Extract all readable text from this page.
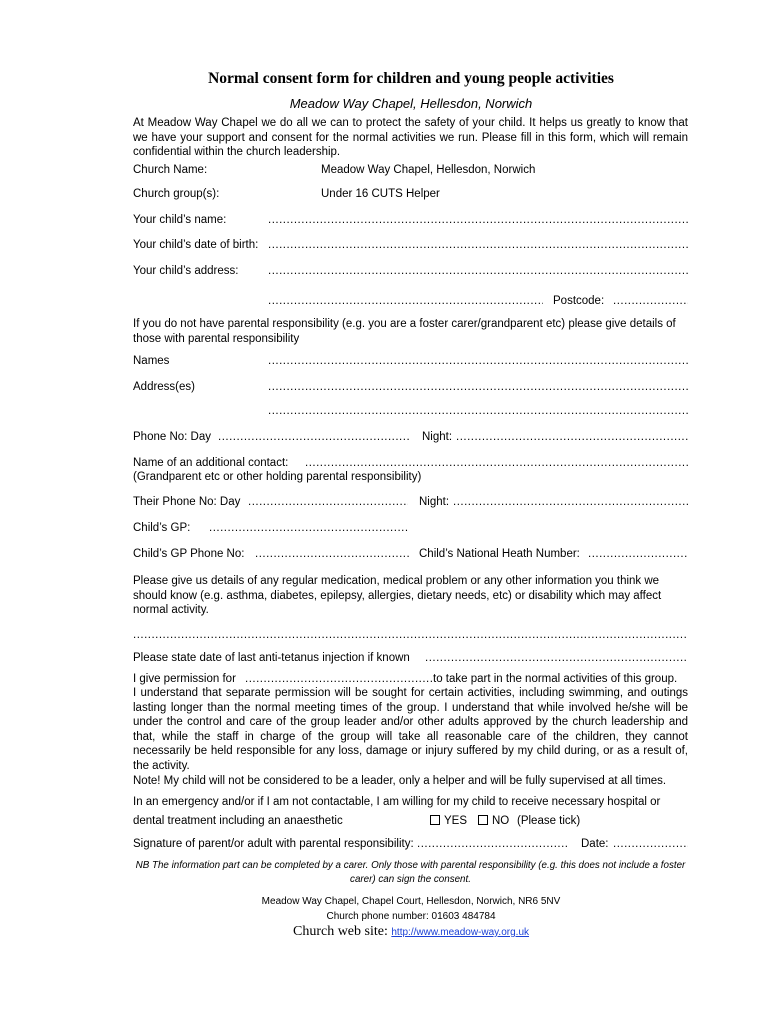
Normal consent form for children and young people activities
Meadow Way Chapel, Hellesdon, Norwich
At Meadow Way Chapel we do all we can to protect the safety of your child. It helps us greatly to know that we have your support and consent for the normal activities we run. Please fill in this form, which will remain confidential within the church leadership.
Church Name:	Meadow Way Chapel, Hellesdon, Norwich
Church group(s):	Under 16 CUTS Helper
Your child’s name:
.....
Your child’s date of birth:
.....
Your child’s address:
.....
.....
Postcode:
.....
If you do not have parental responsibility (e.g. you are a foster carer/grandparent etc) please give details of those with parental responsibility
Names
.....
Address(es)
.....
.....
Phone No: Day .....	Night:
.....
Name of an additional contact:
.....
(Grandparent etc or other holding parental responsibility)
Their Phone No: Day .....	Night:
.....
Child’s GP:
.....
Child’s GP Phone No: .....	Child’s National Heath Number:
.....
Please give us details of any regular medication, medical problem or any other information you think we should know (e.g. asthma, diabetes, epilepsy, allergies, dietary needs, etc) or disability which may affect normal activity.
.....
Please state date of last anti-tetanus injection if known
.....
I give permission for .....	to take part in the normal activities of this group.
I understand that separate permission will be sought for certain activities, including swimming, and outings lasting longer than the normal meeting times of the group. I understand that while involved he/she will be under the control and care of the group leader and/or other adults approved by the church leadership and that, while the staff in charge of the group will take all reasonable care of the children, they cannot necessarily be held responsible for any loss, damage or injury suffered by my child during, or as a result of, the activity.
Note! My child will not be considered to be a leader, only a helper and will be fully supervised at all times.
In an emergency and/or if I am not contactable, I am willing for my child to receive necessary hospital or
dental treatment including an anaesthetic	YES	NO (Please tick)
Signature of parent/or adult with parental responsibility: .....	Date:
.....
NB The information part can be completed by a carer. Only those with parental responsibility (e.g. this does not include a foster carer) can sign the consent.
Meadow Way Chapel, Chapel Court, Hellesdon, Norwich, NR6 5NV
Church phone number: 01603 484784
Church web site: http://www.meadow-way.org.uk
